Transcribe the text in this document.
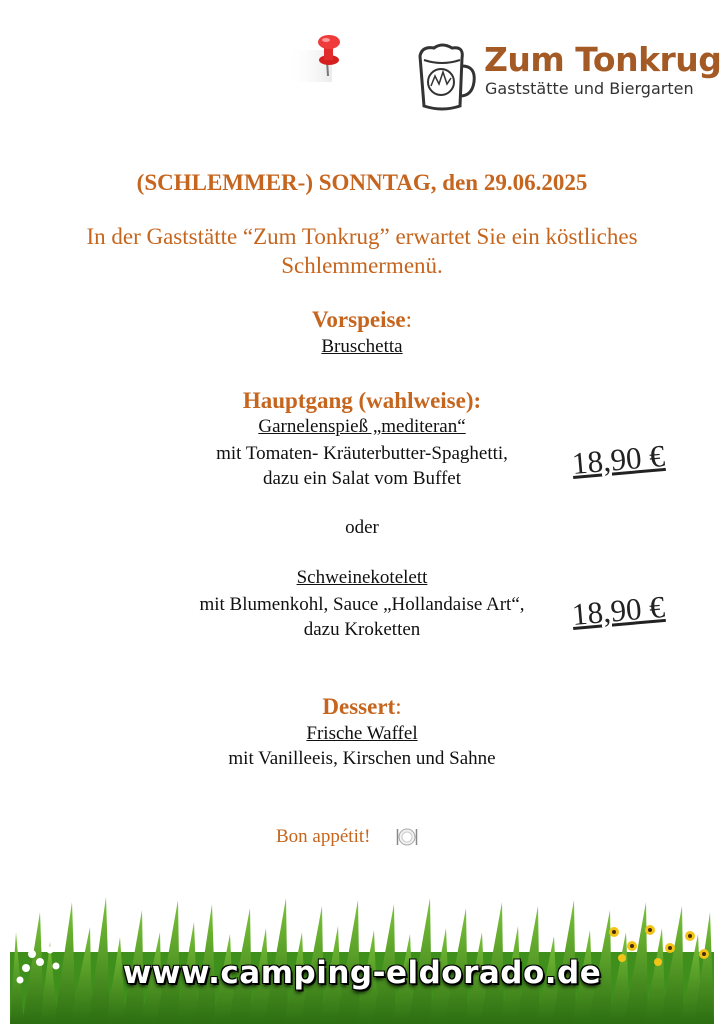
Zum Tonkrug
Gaststätte und Biergarten
(SCHLEMMER-) SONNTAG, den 29.06.2025
In der Gaststätte “Zum Tonkrug” erwartet Sie ein köstliches Schlemmermenü.
Vorspeise:
Bruschetta
Hauptgang (wahlweise):
Garnelenspieß „mediteran“
mit Tomaten- Kräuterbutter-Spaghetti,
dazu ein Salat vom Buffet	18,90 €
oder
Schweinekotelett
mit Blumenkohl, Sauce „Hollandaise Art“,
dazu Kroketten	18,90 €
Dessert:
Frische Waffel
mit Vanilleeis, Kirschen und Sahne
Bon appétit!
www.camping-eldorado.de
